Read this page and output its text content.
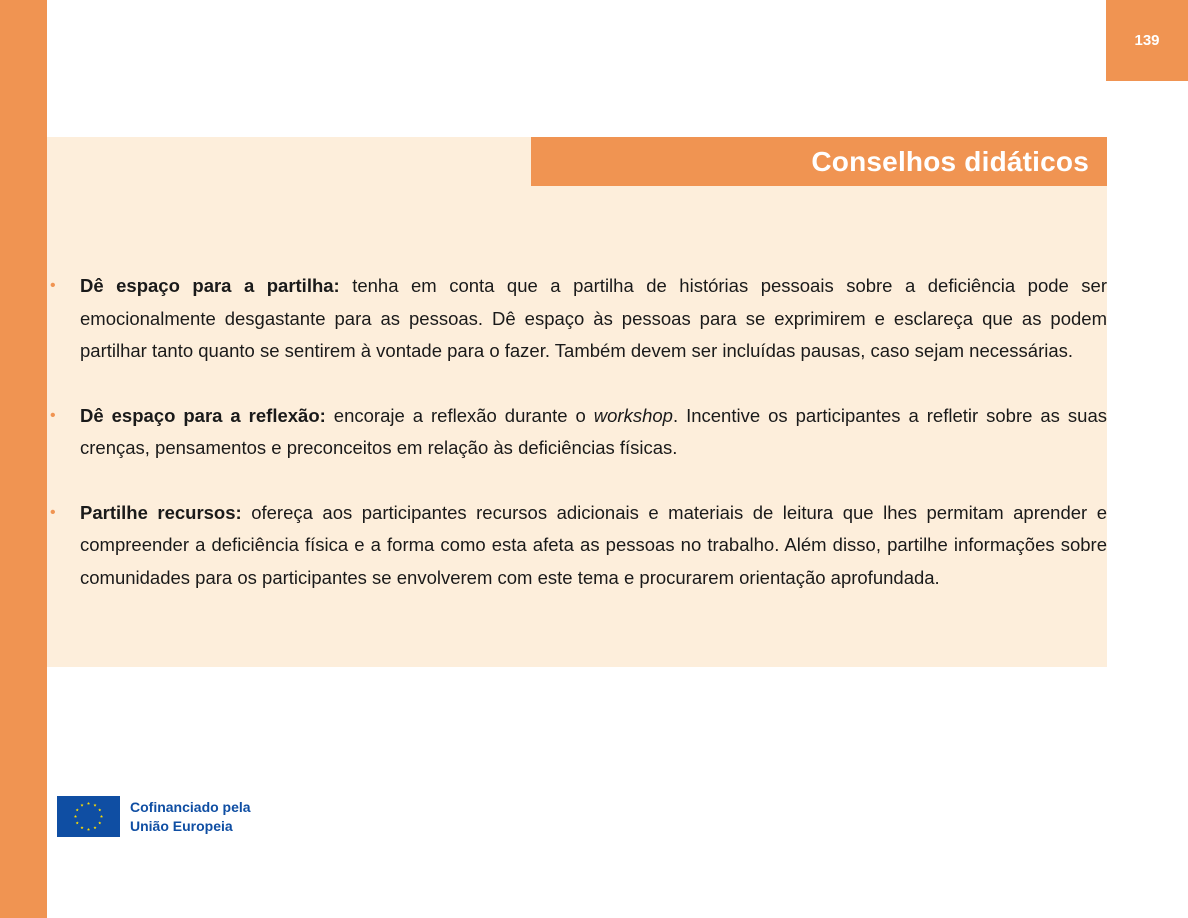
139
Conselhos didáticos
• Dê espaço para a partilha: tenha em conta que a partilha de histórias pessoais sobre a deficiência pode ser emocionalmente desgastante para as pessoas. Dê espaço às pessoas para se exprimirem e esclareça que as podem partilhar tanto quanto se sentirem à vontade para o fazer. Também devem ser incluídas pausas, caso sejam necessárias.
• Dê espaço para a reflexão: encoraje a reflexão durante o workshop. Incentive os participantes a refletir sobre as suas crenças, pensamentos e preconceitos em relação às deficiências físicas.
• Partilhe recursos: ofereça aos participantes recursos adicionais e materiais de leitura que lhes permitam aprender e compreender a deficiência física e a forma como esta afeta as pessoas no trabalho. Além disso, partilhe informações sobre comunidades para os participantes se envolverem com este tema e procurarem orientação aprofundada.
Cofinanciado pela
União Europeia
